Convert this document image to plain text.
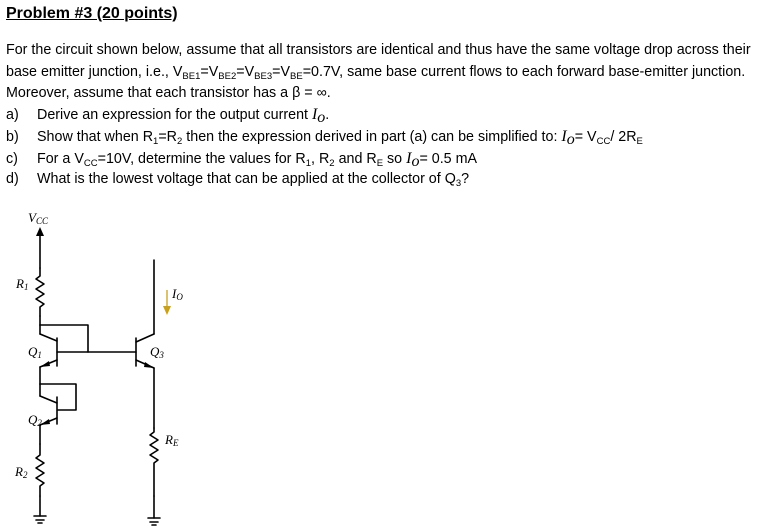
Problem #3 (20 points)
For the circuit shown below, assume that all transistors are identical and thus have the same voltage drop across their base emitter junction, i.e., $V_{BE1}=V_{BE2}=V_{BE3}=V_{BE}=0.7V$, same base current flows to each forward base-emitter junction. Moreover, assume that each transistor has a β = ∞.
a) Derive an expression for the output current $I_o$.
b) Show that when $R_1=R_2$ then the expression derived in part (a) can be simplified to: $I_o= V_{CC}/$ $2R_E$
c) For a $V_{CC}=10V$, determine the values for $R_1$, $R_2$ and $R_E$ so $I_o= 0.5$ mA
d) What is the lowest voltage that can be applied at the collector of $Q_3$?
VCC
R1
Q1
Q2
R2
Q3
RE
IO
